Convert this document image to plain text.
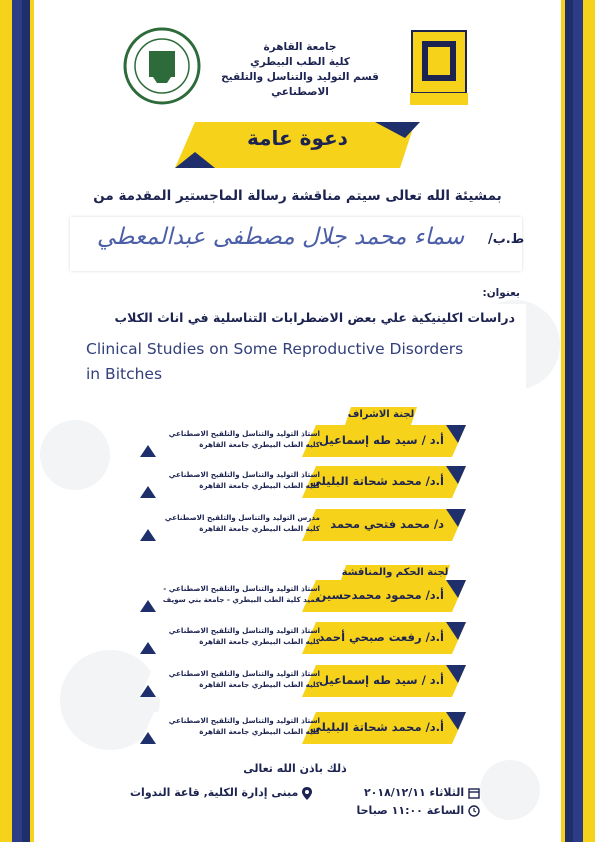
جامعة القاهرة
كلية الطب البيطري
قسم التوليد والتناسل والتلقيح الاصطناعي
دعوة عامة
بمشيئة الله تعالى سيتم مناقشة رسالة الماجستير المقدمة من
ط.ب/
سماء محمد جلال مصطفى عبدالمعطي
بعنوان:
دراسات اكلينيكية علي بعض الاضطرابات التناسلية في اناث الكلاب
Clinical Studies on Some Reproductive Disorders
in Bitches
لجنة الاشراف
أ.د / سيد طه إسماعيل
استاذ التوليد والتناسل والتلقيح الاصطناعي
كليه الطب البيطري جامعة القاهرة
أ.د/ محمد شحاتة البليلي
استاذ التوليد والتناسل والتلقيح الاصطناعي
كليه الطب البيطري جامعة القاهرة
د/ محمد فتحي محمد
مدرس التوليد والتناسل والتلقيح الاصطناعي
كلية الطب البيطري جامعة القاهرة
لجنة الحكم والمناقشة
أ.د/ محمود محمدحسين
استاذ التوليد والتناسل والتلقيح الاصطناعي -
عميد كلية الطب البيطري - جامعة بني سويف
أ.د/ رفعت صبحي أحمد
استاذ التوليد والتناسل والتلقيح الاصطناعي
كليه الطب البيطري جامعة القاهرة
أ.د / سيد طه إسماعيل
استاذ التوليد والتناسل والتلقيح الاصطناعي
كليه الطب البيطري جامعة القاهرة
أ.د/ محمد شحاتة البليلي
استاذ التوليد والتناسل والتلقيح الاصطناعي
كليه الطب البيطري جامعة القاهرة
ذلك باذن الله تعالى
الثلاثاء ٢٠١٨/١٢/١١
الساعة ١١:٠٠ صباحا
مبنى إدارة الكلية, قاعة الندوات
